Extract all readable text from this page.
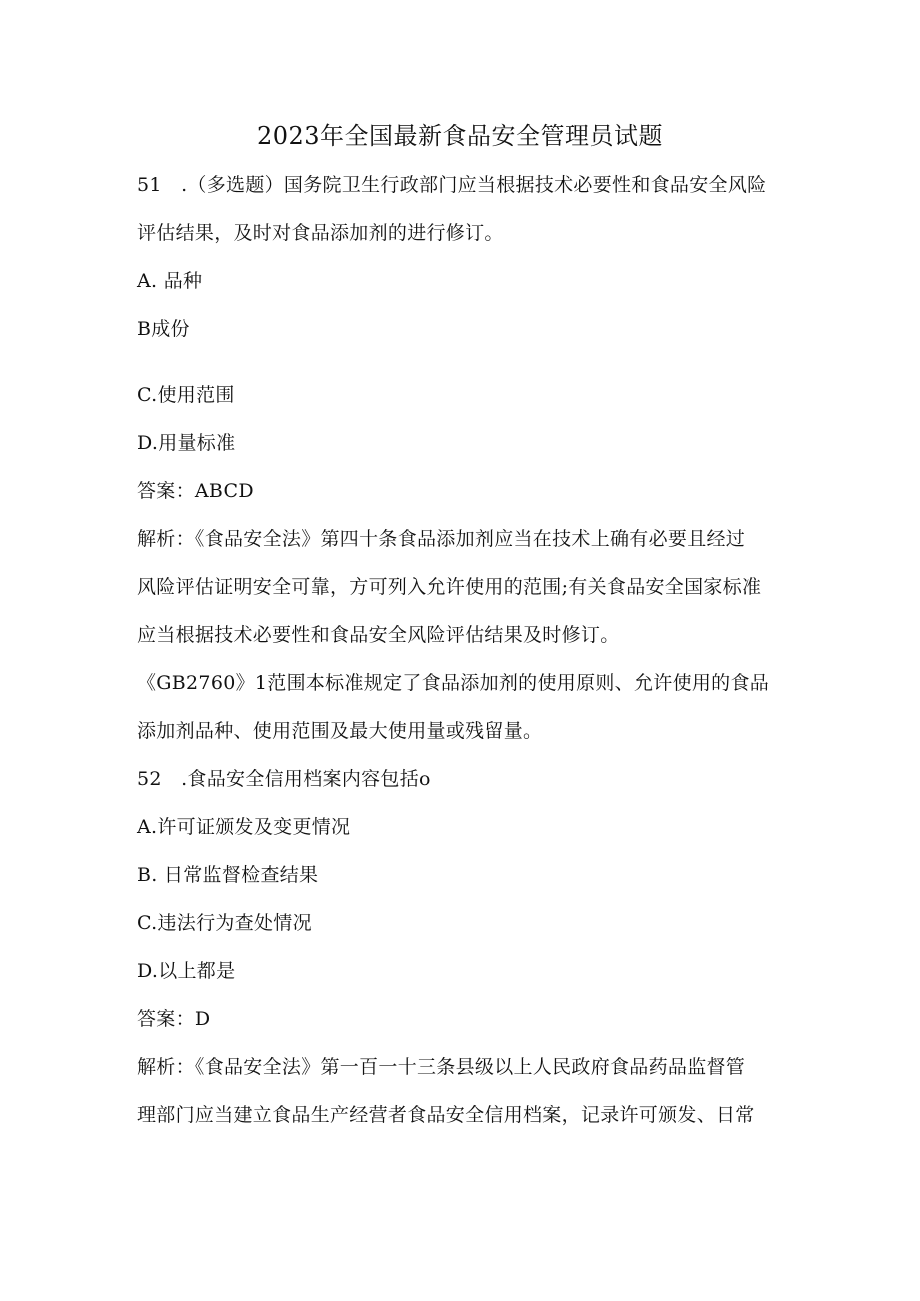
2023年全国最新食品安全管理员试题
51　.（多选题）国务院卫生行政部门应当根据技术必要性和食品安全风险
评估结果，及时对食品添加剂的进行修订。
A. 品种
B成份
C.使用范围
D.用量标准
答案：ABCD
解析：《食品安全法》第四十条食品添加剂应当在技术上确有必要且经过
风险评估证明安全可靠，方可列入允许使用的范围;有关食品安全国家标准
应当根据技术必要性和食品安全风险评估结果及时修订。
《GB2760》1范围本标准规定了食品添加剂的使用原则、允许使用的食品
添加剂品种、使用范围及最大使用量或残留量。
52　.食品安全信用档案内容包括o
A.许可证颁发及变更情况
B. 日常监督检查结果
C.违法行为查处情况
D.以上都是
答案：D
解析：《食品安全法》第一百一十三条县级以上人民政府食品药品监督管
理部门应当建立食品生产经营者食品安全信用档案，记录许可颁发、日常
